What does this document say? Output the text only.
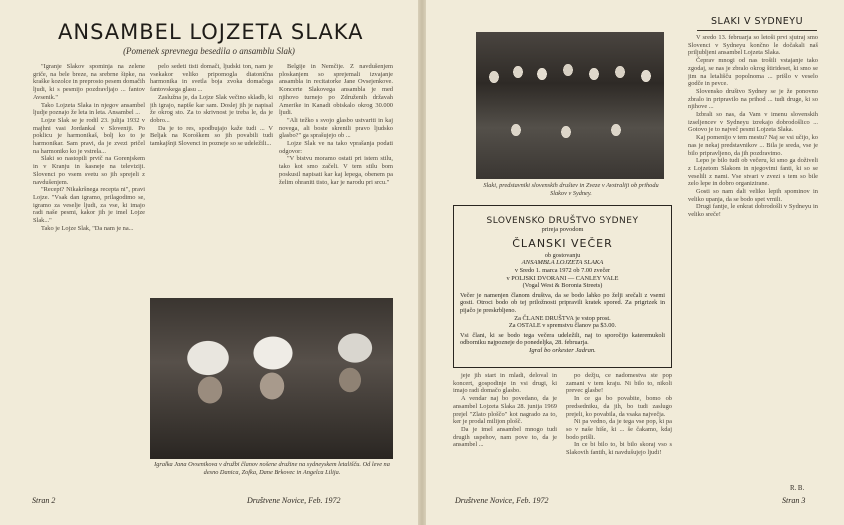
ANSAMBEL LOJZETA SLAKA
(Pomenek sprevnega besedila o ansamblu Slak)

"Igranje Slakov spominja na zelene griče, na bele breze, na srebrne šipke, na kraške kozolce in preprosto pesem domačih ljudi, ki s pesmijo pozdravljajo ... fantov Avsenik."

Tako Lojzeta Slaka in njegov ansambel ljudje poznajo že leta in leta. Ansambel ...

Lojze Slak se je rodil 23. julija 1932 v majhni vasi Jordankal v Sloveniji. Po poklicu je harmonikaš, bolj ko to je harmonikar. Sam pravi, da je zvezi pričel na harmoniko ko je vstrela...

Slaki so nastopili prvič na Gorenjskem in v Kranju in kasneje na televiziji. Slovenci po vsem svetu so jih sprejeli z navdušenjem.

"Recept? Nikakršnega recepta ni", pravi Lojze. "Vsak dan igramo, prilagodimo se, igramo za veselje ljudi, za vse, ki imajo radi naše pesmi, kakor jih je imel Lojze Slak..."

Tako je Lojze Slak, "Da nam je na...

pelo sedeti tisti domači, ljudski ton, nam je vsekakor veliko pripomogla diatonična harmonika in svetla boja zvoka domačega fantovskega glasu ...

Zaslužna je, da Lojze Slak večino skladb, ki jih igrajo, napiše kar sam. Doslej jih je napisal že okrog sto. Za to skrivnost je treba le, da je dobro...

Da je to res, spodbujajo kaže tudi ... V Beljak na Koroškem so jih povabili tudi tamkajšnji Slovenci in pozneje so se udeležili...

Belgije in Nemčije. Z navdušenjem ploskanjem so sprejemali izvajanje ansambla in recitatorke Jane Ovsejenkove. Koncerte Slakovega ansambla je med njihovo turnejo po Združenih državah Amerike in Kanadi obiskalo okrog 30.000 ljudi.

"Ali težko s svojo glasbo ustvariti in kaj novega, ali boste skrenili pravo ljudsko glasbo?" ga sprašujejo ob ...

Lojze Slak ve na tako vprašanja podati odgovor:

"V bistvu moramo ostati pri istem stilu, tako kot smo začeli. V tem stilu bom poskusil napisati kar kaj lepega, obenem pa želim ohraniti tisto, kar je narodu pri srcu."

Igralka Jana Ovsenikova v družbi članov nošene družine na sydneyskem letališču. Od leve na desno Danica, Zofka, Dane Brkovec in Angelca Lilija.
Stran 2	Društvene Novice, Feb. 1972
Slaki, predstavniki slovenskih društev in Zveze v Avstraliji ob prihodu Slakov v Sydney.
SLOVENSKO DRUŠTVO SYDNEY
prireja povodom
ČLANSKI VEČER
ob gostovanju
ANSAMBLA LOJZETA SLAKA
v Sredo 1. marca 1972 ob 7.00 zvečer
v POLJSKI DVORANI — CANLEY VALE
(Vogal West & Boronia Streets)
Večer je namenjen članom društva, da se bodo lahko po želji srečali z vsemi gosti. Otroci bodo ob tej priložnosti pripravili kratek spored. Za prigrizek in pijačo je preskrbljeno.
Za ČLANE DRUŠTVA je vstop prost.
Za OSTALE v spremstvu članov pa $3.00.
Vsi člani, ki se bodo tega večera udeležili, naj to sporočijo kateremukoli odborniku najpozneje do ponedeljka, 28. februarja.
Igral bo orkester Jadran.

jeje jih start in mladi, deloval in koncert, gospodinje in vsi drugi, ki imajo radi domačo glasbo.

A vendar naj bo povedano, da je ansambel Lojzeta Slaka 28. junija 1969 prejel "Zlato ploščo" kot nagrado za to, ker je prodal milijon plošč.

Da je imel ansambel mnogo tudi drugih uspehov, nam pove to, da je ansambel ...

po dežju, ce nadomestva ste pop zamani v tem kraju. Ni bilo to, nikoli prevec glasbe!

In ce ga bo povabite, bomo ob predsedniku, da jih, bo tudi zaslugo prejeli, ko povabila, da vsaka največja.

Ni pa vedno, da je tega vse pop, ki pa so v naše hiše, ki ... še čakamo, kdaj bodo prišli.

In ce bi bilo to, bi bilo skoraj vso s Slakovih fantih, ki navdušujejo ljudi!

SLAKI V SYDNEYU

V sredo 13. februarja so letoši prvi sjutraj smo Slovenci v Sydneyu končno le dočakali naš priljubljeni ansambel Lojzeta Slaka.

Čeprav mnogi od nas trošili vstajanje tako zgodaj, se nas je zbralo okrog štirideset, ki smo se jim na letališču popolnoma ... prišlo v veselo godče in pevce.

Slovensko društvo Sydney se je že ponovno zbralo in pripravilo na prihod ... tudi druge, ki so njihove ...

Izbrali so nas, da Vam v imenu slovenskih izseljencev v Sydneyu izrekajo dobrodošlico ... Gotovo je to največ pesmi Lojzeta Slaka.

Kaj pomenijo v tem mestu? Naj se vsi učijo, ko nas je nekaj predstavnikov ... Bila je sreda, vse je bilo pripravljeno, da jih pozdravimo.

Lepo je bilo tudi ob večeru, ki smo ga doživeli z Lojzetom Slakom in njegovimi fanti, ki so se veselili z nami. Vse stvari v zvezi s tem so bile zelo lepe in dobro organizirane.

Gosti so nam dali veliko lepih spominov in veliko upanja, da se bodo spet vrnili.

Drugi fantje, le enkrat dobrodošli v Sydneyu in veliko sreče!

R. B.
Društvene Novice, Feb. 1972	Stran 3
